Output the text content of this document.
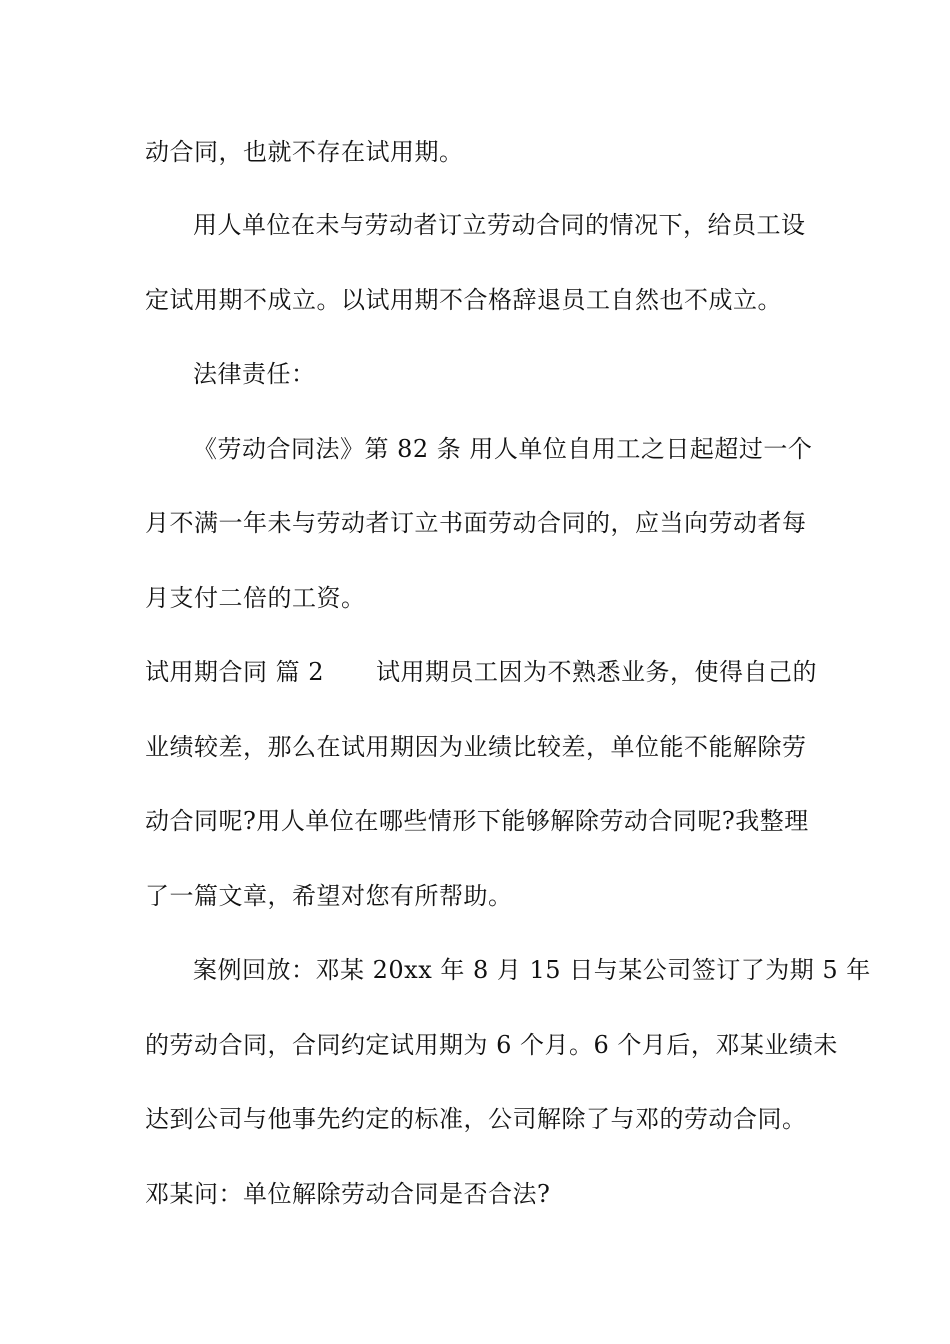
动合同，也就不存在试用期。
用人单位在未与劳动者订立劳动合同的情况下，给员工设
定试用期不成立。以试用期不合格辞退员工自然也不成立。
法律责任：
《劳动合同法》第 82 条 用人单位自用工之日起超过一个
月不满一年未与劳动者订立书面劳动合同的，应当向劳动者每
月支付二倍的工资。
试用期合同 篇 2 试用期员工因为不熟悉业务，使得自己的
业绩较差，那么在试用期因为业绩比较差，单位能不能解除劳
动合同呢?用人单位在哪些情形下能够解除劳动合同呢?我整理
了一篇文章，希望对您有所帮助。
案例回放：邓某 20xx 年 8 月 15 日与某公司签订了为期 5 年
的劳动合同，合同约定试用期为 6 个月。6 个月后，邓某业绩未
达到公司与他事先约定的标准，公司解除了与邓的劳动合同。
邓某问：单位解除劳动合同是否合法?
